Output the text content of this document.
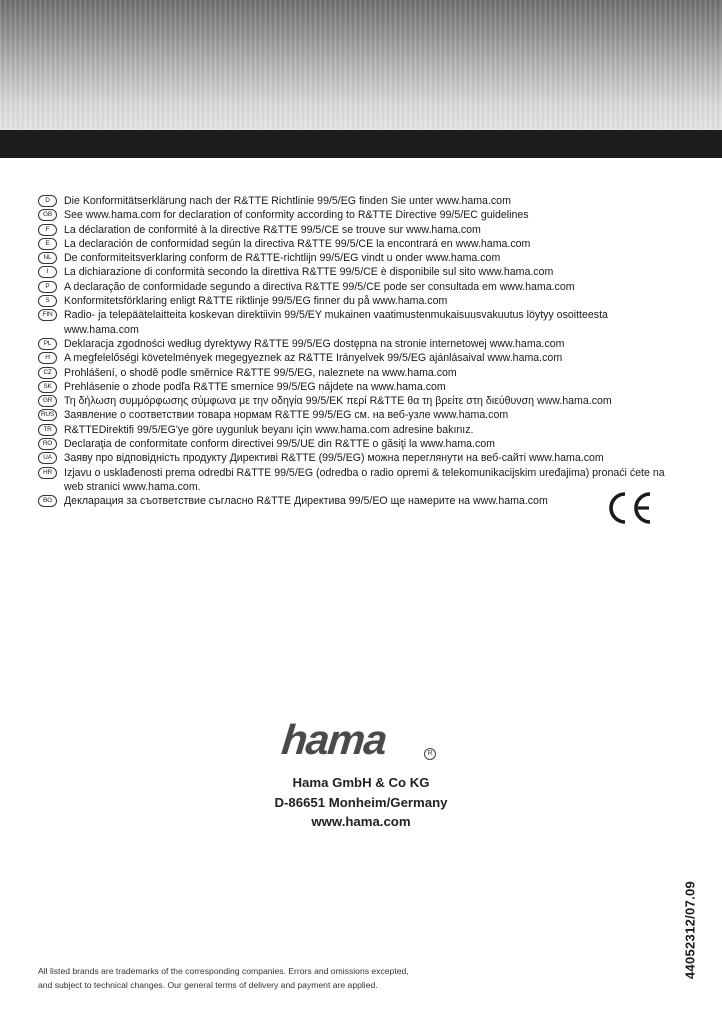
D	Die Konformitätserklärung nach der R&TTE Richtlinie 99/5/EG finden Sie unter www.hama.com
GB	See www.hama.com for declaration of conformity according to R&TTE Directive 99/5/EC guidelines
F	La déclaration de conformité à la directive R&TTE 99/5/CE se trouve sur www.hama.com
E	La declaración de conformidad según la directiva R&TTE 99/5/CE la encontrará en www.hama.com
NL	De conformiteitsverklaring conform de R&TTE-richtlijn 99/5/EG vindt u onder www.hama.com
I	La dichiarazione di conformità secondo la direttiva R&TTE 99/5/CE è disponibile sul sito www.hama.com
P	A declaração de conformidade segundo a directiva R&TTE 99/5/CE pode ser consultada em www.hama.com
S	Konformitetsförklaring enligt R&TTE riktlinje 99/5/EG finner du på www.hama.com
FIN	Radio- ja telepäätelaitteita koskevan direktiivin 99/5/EY mukainen vaatimustenmukaisuusvakuutus löytyy osoitteesta www.hama.com
PL	Deklaracja zgodności według dyrektywy R&TTE 99/5/EG dostępna na stronie internetowej www.hama.com
H	A megfelelőségi követelmények megegyeznek az R&TTE Irányelvek 99/5/EG ajánlásaival www.hama.com
CZ	Prohlášení, o shodě podle směrnice R&TTE 99/5/EG, naleznete na www.hama.com
SK	Prehlásenie o zhode podľa R&TTE smernice 99/5/EG nájdete na www.hama.com
GR	Τη δήλωση συμμόρφωσης σύμφωνα με την οδηγία 99/5/ΕΚ περί R&TTE θα τη βρείτε στη διεύθυνση www.hama.com
RUS Заявление о соответствии товара нормам R&TTE 99/5/EG см. на веб-узле www.hama.com
TR	R&TTEDirektifi 99/5/EG'ye göre uygunluk beyanı için www.hama.com adresine bakınız.
RO	Declaraţia de conformitate conform directivei 99/5/UE din R&TTE o găsiţi la www.hama.com
UA	Заяву про відповідність продукту Директиві R&TTE (99/5/EG) можна переглянути на веб-сайті www.hama.com
HR	Izjavu o usklađenosti prema odredbi R&TTE 99/5/EG (odredba o radio opremi & telekomunikacijskim uređajima) pronaći ćete na web stranici www.hama.com.
BG	Декларация за съответствие съгласно R&TTE Директива 99/5/EO ще намерите на www.hama.com
hama	R
Hama GmbH & Co KG
D-86651 Monheim/Germany
www.hama.com
44052312/07.09
All listed brands are trademarks of the corresponding companies. Errors and omissions excepted,
and subject to technical changes. Our general terms of delivery and payment are applied.
